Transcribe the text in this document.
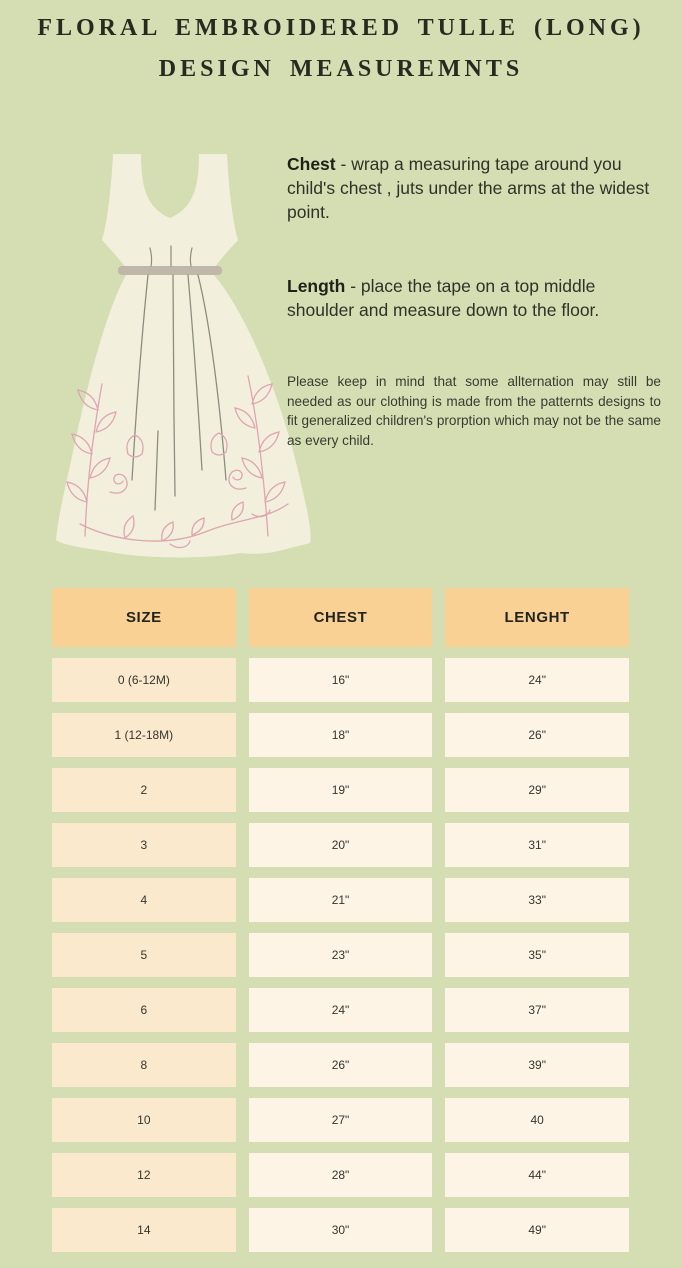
FLORAL EMBROIDERED TULLE (LONG)
DESIGN MEASUREMNTS

Chest - wrap a measuring tape around you child's chest , juts under the arms at the widest point.

Length - place the tape on a top middle shoulder and measure down to the floor.

Please keep in mind that some allternation may still be needed as our clothing is made from the patternts designs to fit generalized children's prorption which may not be the same as every child.

SIZE	CHEST	LENGHT
0 (6-12M)	16"	24"
1 (12-18M)	18"	26"
2	19"	29"
3	20"	31"
4	21"	33"
5	23"	35"
6	24"	37"
8	26"	39"
10	27"	40
12	28"	44"
14	30"	49"
